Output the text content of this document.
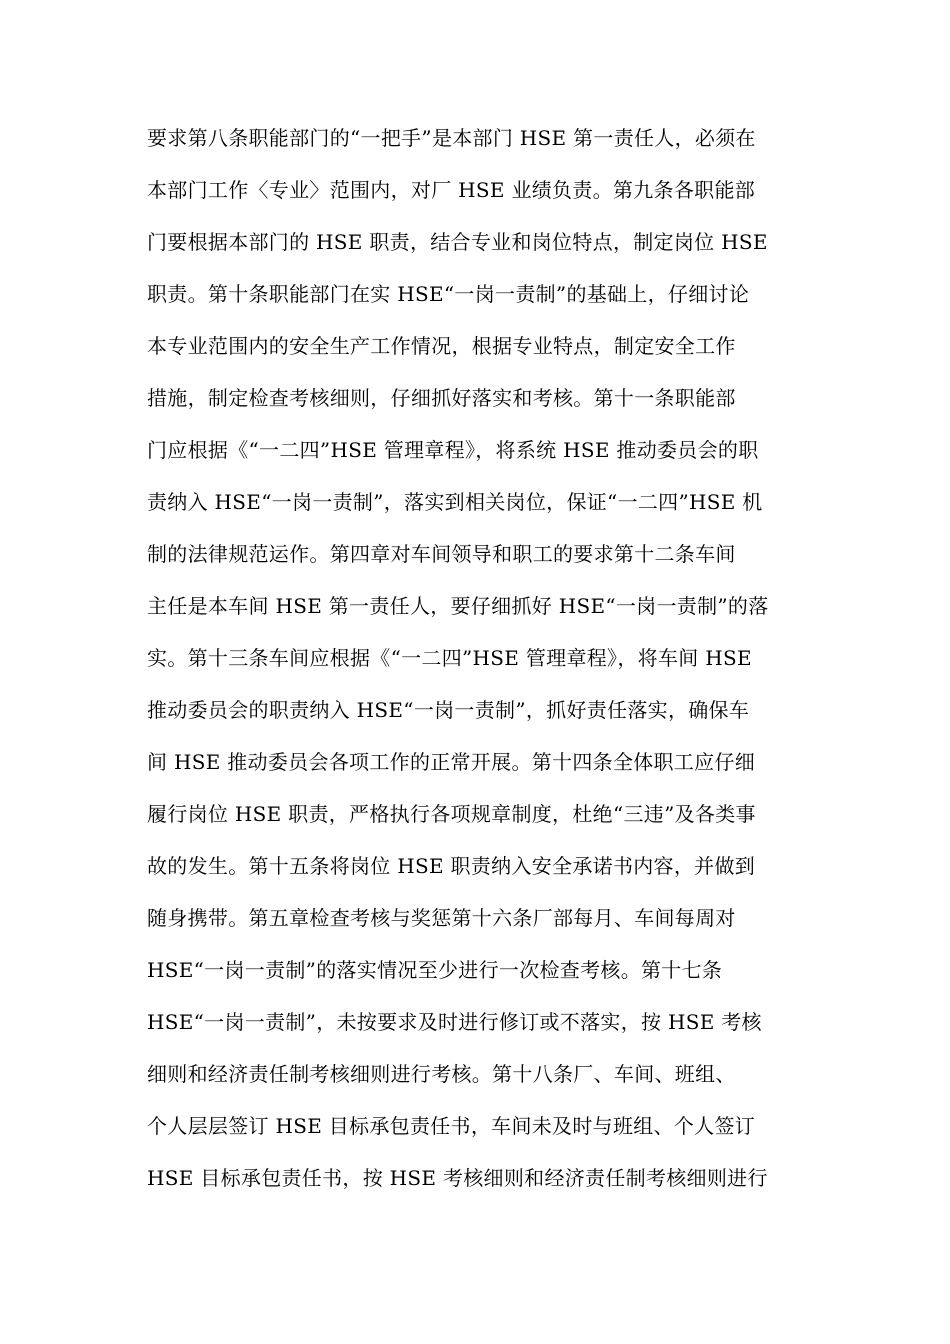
要求第八条职能部门的“一把手”是本部门 HSE 第一责任人，必须在
本部门工作〈专业〉范围内，对厂 HSE 业绩负责。第九条各职能部
门要根据本部门的 HSE 职责，结合专业和岗位特点，制定岗位 HSE
职责。第十条职能部门在实 HSE“一岗一责制”的基础上，仔细讨论
本专业范围内的安全生产工作情况，根据专业特点，制定安全工作
措施，制定检查考核细则，仔细抓好落实和考核。第十一条职能部
门应根据《“一二四”HSE 管理章程》，将系统 HSE 推动委员会的职
责纳入 HSE“一岗一责制”，落实到相关岗位，保证“一二四”HSE 机
制的法律规范运作。第四章对车间领导和职工的要求第十二条车间
主任是本车间 HSE 第一责任人，要仔细抓好 HSE“一岗一责制”的落
实。第十三条车间应根据《“一二四”HSE 管理章程》，将车间 HSE
推动委员会的职责纳入 HSE“一岗一责制”，抓好责任落实，确保车
间 HSE 推动委员会各项工作的正常开展。第十四条全体职工应仔细
履行岗位 HSE 职责，严格执行各项规章制度，杜绝“三违”及各类事
故的发生。第十五条将岗位 HSE 职责纳入安全承诺书内容，并做到
随身携带。第五章检查考核与奖惩第十六条厂部每月、车间每周对
HSE“一岗一责制”的落实情况至少进行一次检查考核。第十七条
HSE“一岗一责制”，未按要求及时进行修订或不落实，按 HSE 考核
细则和经济责任制考核细则进行考核。第十八条厂、车间、班组、
个人层层签订 HSE 目标承包责任书，车间未及时与班组、个人签订
HSE 目标承包责任书，按 HSE 考核细则和经济责任制考核细则进行
